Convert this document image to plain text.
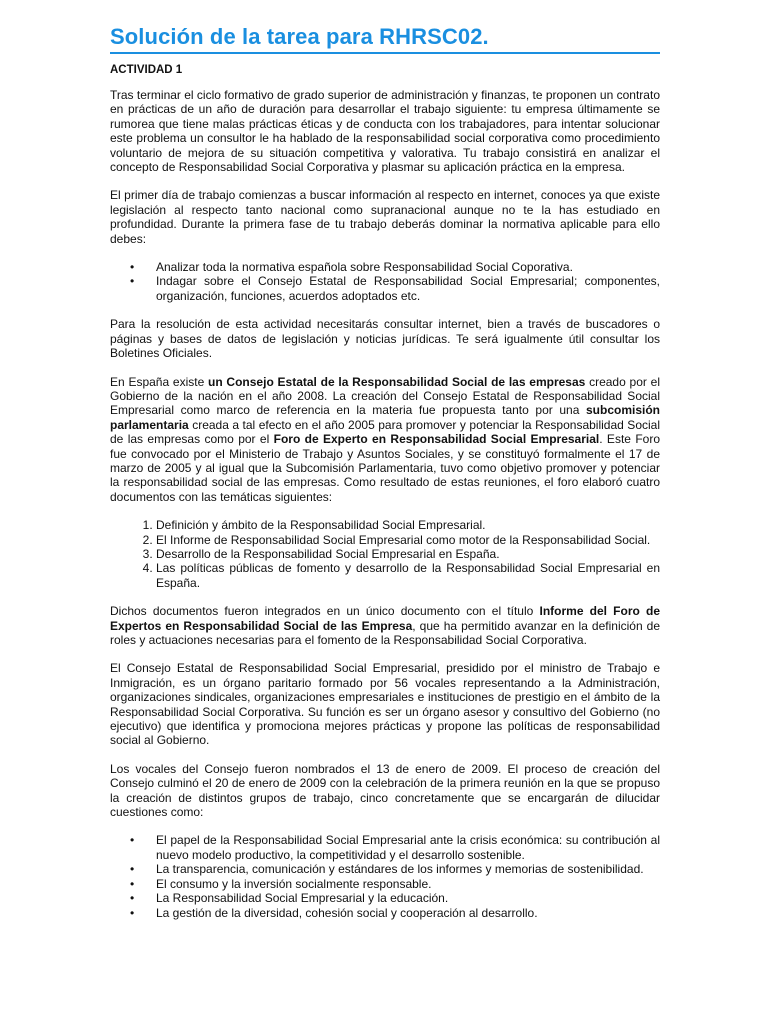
Solución de la tarea para RHRSC02.
ACTIVIDAD 1

Tras terminar el ciclo formativo de grado superior de administración y finanzas, te proponen un contrato en prácticas de un año de duración para desarrollar el trabajo siguiente: tu empresa últimamente se rumorea que tiene malas prácticas éticas y de conducta con los trabajadores, para intentar solucionar este problema un consultor le ha hablado de la responsabilidad social corporativa como procedimiento voluntario de mejora de su situación competitiva y valorativa. Tu trabajo consistirá en analizar el concepto de Responsabilidad Social Corporativa y plasmar su aplicación práctica en la empresa.

El primer día de trabajo comienzas a buscar información al respecto en internet, conoces ya que existe legislación al respecto tanto nacional como supranacional aunque no te la has estudiado en profundidad. Durante la primera fase de tu trabajo deberás dominar la normativa aplicable para ello debes:

• Analizar toda la normativa española sobre Responsabilidad Social Coporativa.
• Indagar sobre el Consejo Estatal de Responsabilidad Social Empresarial; componentes, organización, funciones, acuerdos adoptados etc.

Para la resolución de esta actividad necesitarás consultar internet, bien a través de buscadores o páginas y bases de datos de legislación y noticias jurídicas. Te será igualmente útil consultar los Boletines Oficiales.

En España existe un Consejo Estatal de la Responsabilidad Social de las empresas creado por el Gobierno de la nación en el año 2008. La creación del Consejo Estatal de Responsabilidad Social Empresarial como marco de referencia en la materia fue propuesta tanto por una subcomisión parlamentaria creada a tal efecto en el año 2005 para promover y potenciar la Responsabilidad Social de las empresas como por el Foro de Experto en Responsabilidad Social Empresarial. Este Foro fue convocado por el Ministerio de Trabajo y Asuntos Sociales, y se constituyó formalmente el 17 de marzo de 2005 y al igual que la Subcomisión Parlamentaria, tuvo como objetivo promover y potenciar la responsabilidad social de las empresas. Como resultado de estas reuniones, el foro elaboró cuatro documentos con las temáticas siguientes:

1. Definición y ámbito de la Responsabilidad Social Empresarial.
2. El Informe de Responsabilidad Social Empresarial como motor de la Responsabilidad Social.
3. Desarrollo de la Responsabilidad Social Empresarial en España.
4. Las políticas públicas de fomento y desarrollo de la Responsabilidad Social Empresarial en España.

Dichos documentos fueron integrados en un único documento con el título Informe del Foro de Expertos en Responsabilidad Social de las Empresa, que ha permitido avanzar en la definición de roles y actuaciones necesarias para el fomento de la Responsabilidad Social Corporativa.

El Consejo Estatal de Responsabilidad Social Empresarial, presidido por el ministro de Trabajo e Inmigración, es un órgano paritario formado por 56 vocales representando a la Administración, organizaciones sindicales, organizaciones empresariales e instituciones de prestigio en el ámbito de la Responsabilidad Social Corporativa. Su función es ser un órgano asesor y consultivo del Gobierno (no ejecutivo) que identifica y promociona mejores prácticas y propone las políticas de responsabilidad social al Gobierno.

Los vocales del Consejo fueron nombrados el 13 de enero de 2009. El proceso de creación del Consejo culminó el 20 de enero de 2009 con la celebración de la primera reunión en la que se propuso la creación de distintos grupos de trabajo, cinco concretamente que se encargarán de dilucidar cuestiones como:

• El papel de la Responsabilidad Social Empresarial ante la crisis económica: su contribución al nuevo modelo productivo, la competitividad y el desarrollo sostenible.
• La transparencia, comunicación y estándares de los informes y memorias de sostenibilidad.
• El consumo y la inversión socialmente responsable.
• La Responsabilidad Social Empresarial y la educación.
• La gestión de la diversidad, cohesión social y cooperación al desarrollo.
